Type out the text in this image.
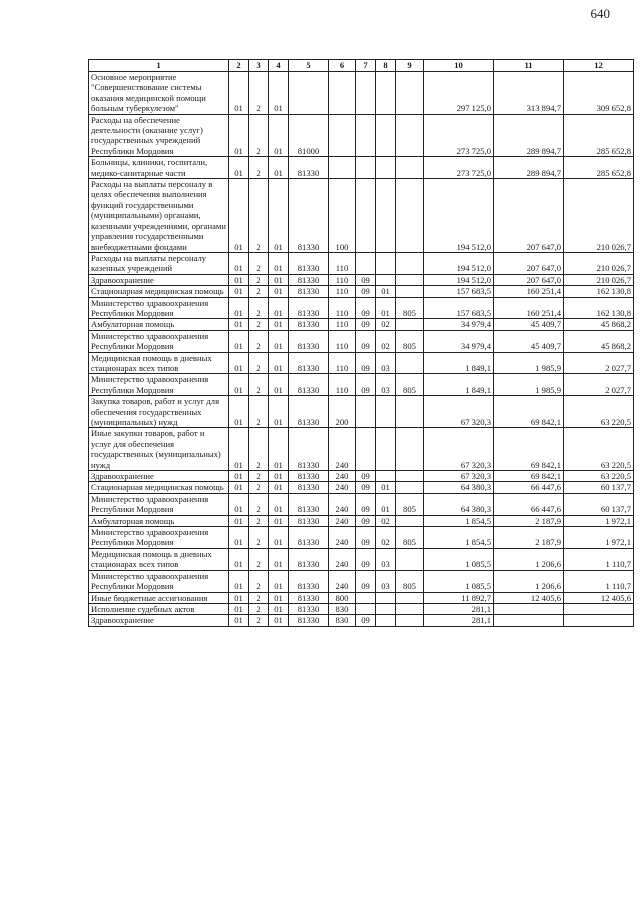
640
1	2	3	4	5	6	7	8	9	10	11	12
Основное мероприятие "Совершенствование системы оказания медицинской помощи больным туберкулезом"	01	2	01						297 125,0	313 894,7	309 652,8
Расходы на обеспечение деятельности (оказание услуг) государственных учреждений Республики Мордовия	01	2	01	81000					273 725,0	289 894,7	285 652,8
Больницы, клиники, госпитали, медико-санитарные части	01	2	01	81330					273 725,0	289 894,7	285 652,8
Расходы на выплаты персоналу в целях обеспечения выполнения функций государственными (муниципальными) органами, казенными учреждениями, органами управления государственными внебюджетными фондами	01	2	01	81330	100				194 512,0	207 647,0	210 026,7
Расходы на выплаты персоналу казенных учреждений	01	2	01	81330	110				194 512,0	207 647,0	210 026,7
Здравоохранение	01	2	01	81330	110	09			194 512,0	207 647,0	210 026,7
Стационарная медицинская помощь	01	2	01	81330	110	09	01		157 683,5	160 251,4	162 130,8
Министерство здравоохранения Республики Мордовия	01	2	01	81330	110	09	01	805	157 683,5	160 251,4	162 130,8
Амбулаторная помощь	01	2	01	81330	110	09	02		34 979,4	45 409,7	45 868,2
Министерство здравоохранения Республики Мордовия	01	2	01	81330	110	09	02	805	34 979,4	45 409,7	45 868,2
Медицинская помощь в дневных стационарах всех типов	01	2	01	81330	110	09	03		1 849,1	1 985,9	2 027,7
Министерство здравоохранения Республики Мордовия	01	2	01	81330	110	09	03	805	1 849,1	1 985,9	2 027,7
Закупка товаров, работ и услуг для обеспечения государственных (муниципальных) нужд	01	2	01	81330	200				67 320,3	69 842,1	63 220,5
Иные закупки товаров, работ и услуг для обеспечения государственных (муниципальных) нужд	01	2	01	81330	240				67 320,3	69 842,1	63 220,5
Здравоохранение	01	2	01	81330	240	09			67 320,3	69 842,1	63 220,5
Стационарная медицинская помощь	01	2	01	81330	240	09	01		64 380,3	66 447,6	60 137,7
Министерство здравоохранения Республики Мордовия	01	2	01	81330	240	09	01	805	64 380,3	66 447,6	60 137,7
Амбулаторная помощь	01	2	01	81330	240	09	02		1 854,5	2 187,9	1 972,1
Министерство здравоохранения Республики Мордовия	01	2	01	81330	240	09	02	805	1 854,5	2 187,9	1 972,1
Медицинская помощь в дневных стационарах всех типов	01	2	01	81330	240	09	03		1 085,5	1 206,6	1 110,7
Министерство здравоохранения Республики Мордовия	01	2	01	81330	240	09	03	805	1 085,5	1 206,6	1 110,7
Иные бюджетные ассигнования	01	2	01	81330	800				11 892,7	12 405,6	12 405,6
Исполнение судебных актов	01	2	01	81330	830				281,1		
Здравоохранение	01	2	01	81330	830	09			281,1		
